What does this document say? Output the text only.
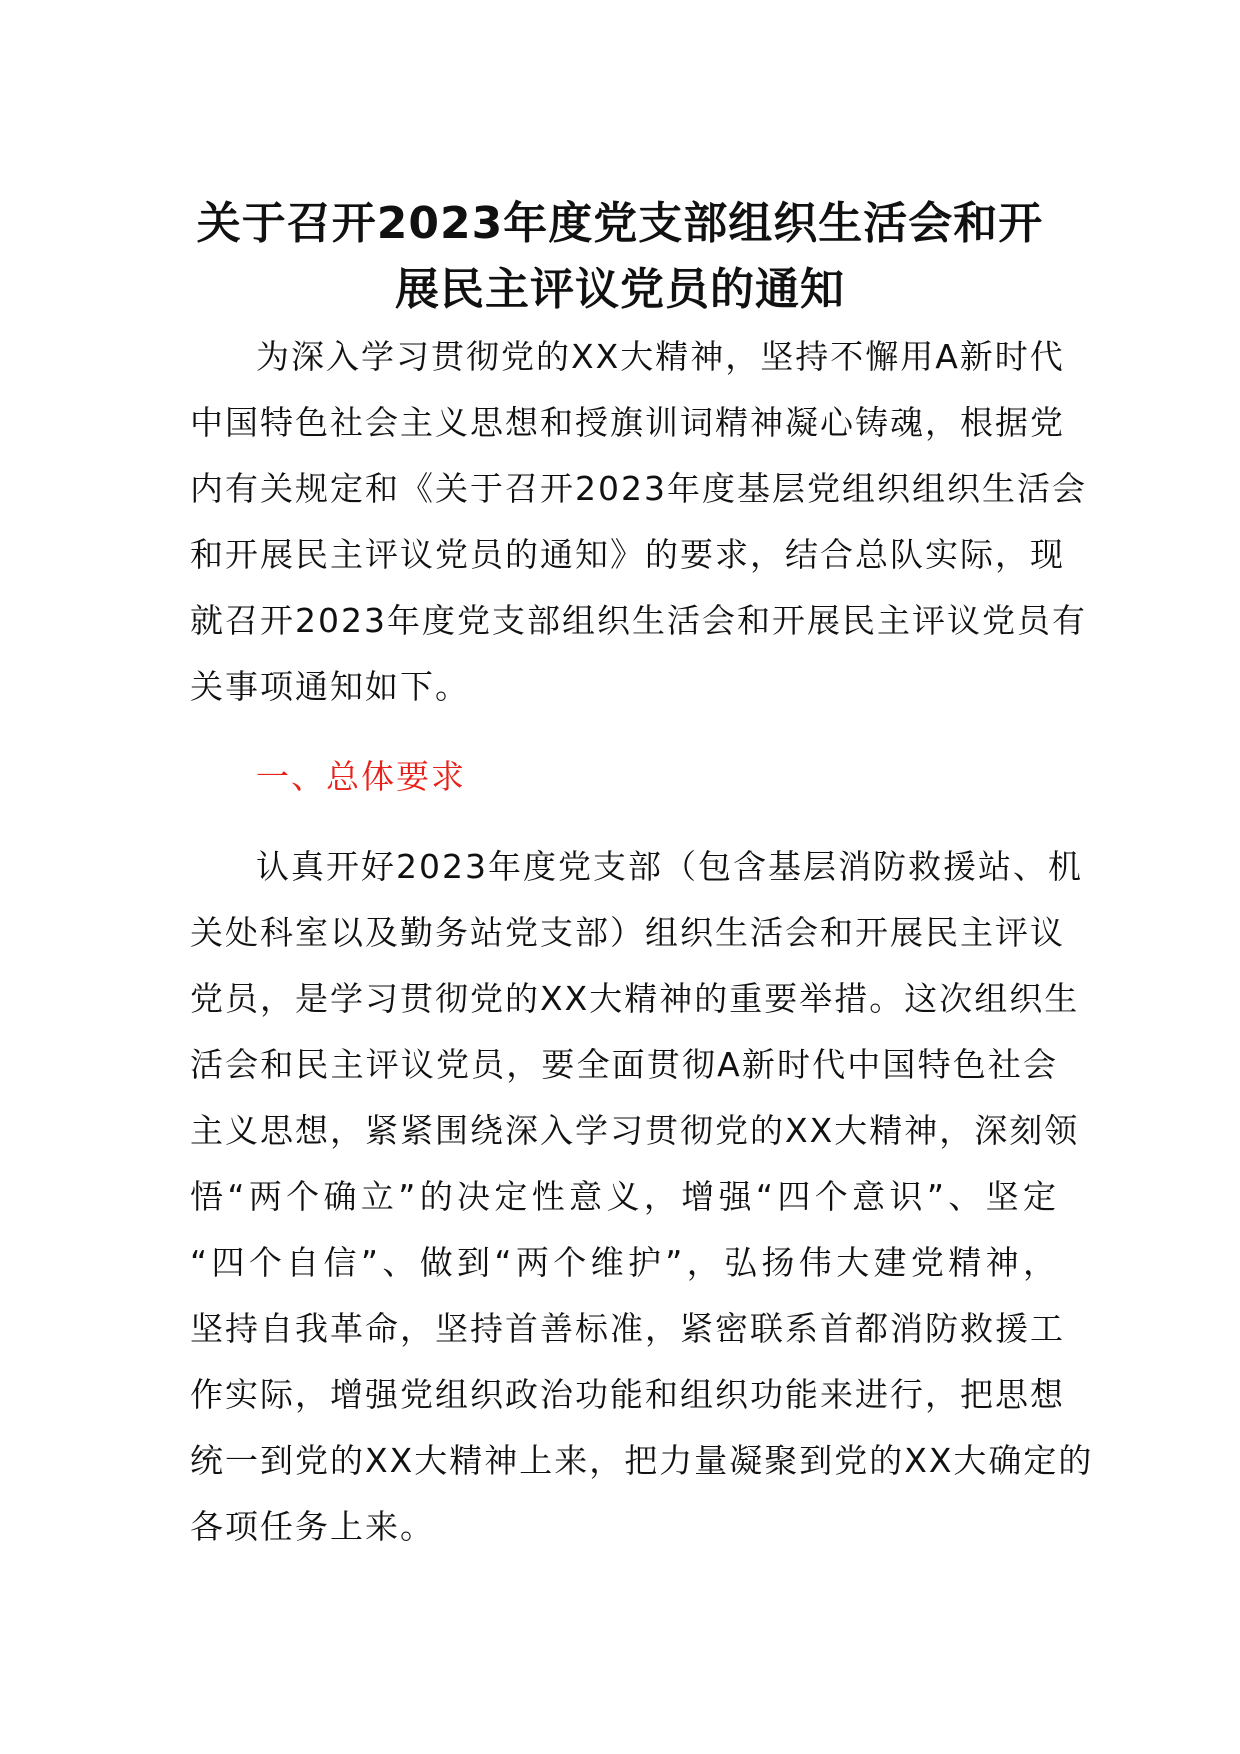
关于召开2023年度党支部组织生活会和开
展民主评议党员的通知
为深入学习贯彻党的XX大精神，坚持不懈用A新时代
中国特色社会主义思想和授旗训词精神凝心铸魂，根据党
内有关规定和《关于召开2023年度基层党组织组织生活会
和开展民主评议党员的通知》的要求，结合总队实际，现
就召开2023年度党支部组织生活会和开展民主评议党员有
关事项通知如下。
一、总体要求
认真开好2023年度党支部（包含基层消防救援站、机
关处科室以及勤务站党支部）组织生活会和开展民主评议
党员，是学习贯彻党的XX大精神的重要举措。这次组织生
活会和民主评议党员，要全面贯彻A新时代中国特色社会
主义思想，紧紧围绕深入学习贯彻党的XX大精神，深刻领
悟“两个确立”的决定性意义，增强“四个意识”、坚定
“四个自信”、做到“两个维护”，弘扬伟大建党精神，
坚持自我革命，坚持首善标准，紧密联系首都消防救援工
作实际，增强党组织政治功能和组织功能来进行，把思想
统一到党的XX大精神上来，把力量凝聚到党的XX大确定的
各项任务上来。
